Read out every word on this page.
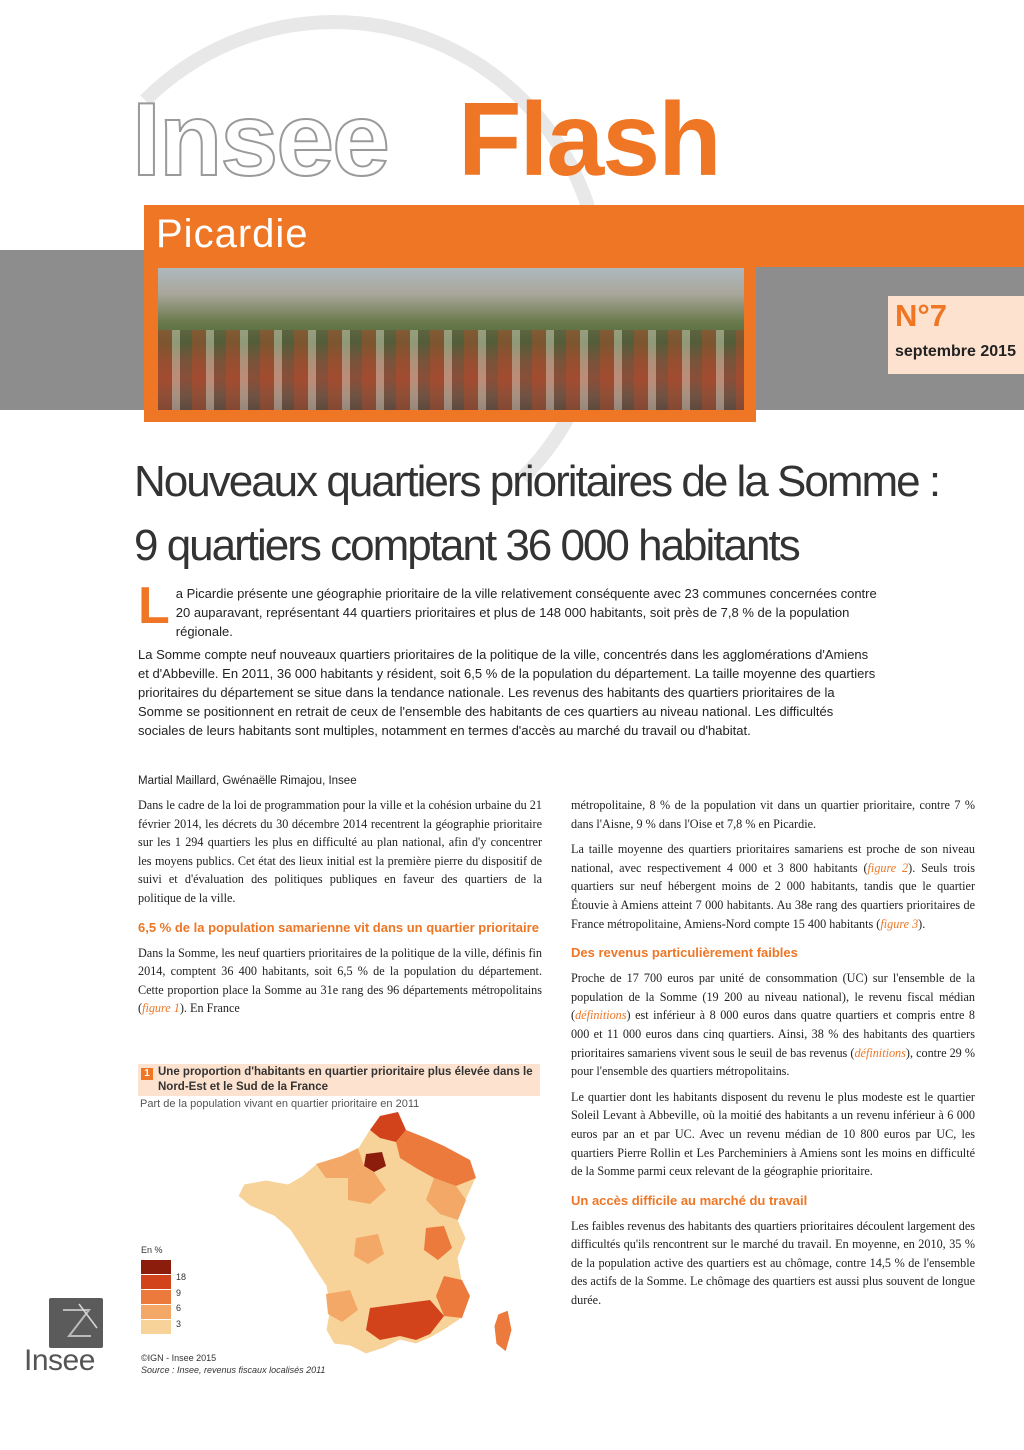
Insee Flash
Picardie
N°7
septembre 2015
Nouveaux quartiers prioritaires de la Somme :
9 quartiers comptant 36 000 habitants

La Picardie présente une géographie prioritaire de la ville relativement conséquente avec 23 communes concernées contre 20 auparavant, représentant 44 quartiers prioritaires et plus de 148 000 habitants, soit près de 7,8 % de la population régionale.

La Somme compte neuf nouveaux quartiers prioritaires de la politique de la ville, concentrés dans les agglomérations d'Amiens et d'Abbeville. En 2011, 36 000 habitants y résident, soit 6,5 % de la population du département. La taille moyenne des quartiers prioritaires du département se situe dans la tendance nationale. Les revenus des habitants des quartiers prioritaires de la Somme se positionnent en retrait de ceux de l'ensemble des habitants de ces quartiers au niveau national. Les difficultés sociales de leurs habitants sont multiples, notamment en termes d'accès au marché du travail ou d'habitat.

Martial Maillard, Gwénaëlle Rimajou, Insee

Dans le cadre de la loi de programmation pour la ville et la cohésion urbaine du 21 février 2014, les décrets du 30 décembre 2014 recentrent la géographie prioritaire sur les 1 294 quartiers les plus en difficulté au plan national, afin d'y concentrer les moyens publics. Cet état des lieux initial est la première pierre du dispositif de suivi et d'évaluation des politiques publiques en faveur des quartiers de la politique de la ville.

6,5 % de la population samarienne vit dans un quartier prioritaire

Dans la Somme, les neuf quartiers prioritaires de la politique de la ville, définis fin 2014, comptent 36 400 habitants, soit 6,5 % de la population du département. Cette proportion place la Somme au 31e rang des 96 départements métropolitains (figure 1). En France

1 Une proportion d'habitants en quartier prioritaire plus élevée dans le Nord-Est et le Sud de la France
Part de la population vivant en quartier prioritaire en 2011
En %
18
9
6
3
©IGN - Insee 2015
Source : Insee, revenus fiscaux localisés 2011

métropolitaine, 8 % de la population vit dans un quartier prioritaire, contre 7 % dans l'Aisne, 9 % dans l'Oise et 7,8 % en Picardie.

La taille moyenne des quartiers prioritaires samariens est proche de son niveau national, avec respectivement 4 000 et 3 800 habitants (figure 2). Seuls trois quartiers sur neuf hébergent moins de 2 000 habitants, tandis que le quartier Étouvie à Amiens atteint 7 000 habitants. Au 38e rang des quartiers prioritaires de France métropolitaine, Amiens-Nord compte 15 400 habitants (figure 3).

Des revenus particulièrement faibles

Proche de 17 700 euros par unité de consommation (UC) sur l'ensemble de la population de la Somme (19 200 au niveau national), le revenu fiscal médian (définitions) est inférieur à 8 000 euros dans quatre quartiers et compris entre 8 000 et 11 000 euros dans cinq quartiers. Ainsi, 38 % des habitants des quartiers prioritaires samariens vivent sous le seuil de bas revenus (définitions), contre 29 % pour l'ensemble des quartiers métropolitains.

Le quartier dont les habitants disposent du revenu le plus modeste est le quartier Soleil Levant à Abbeville, où la moitié des habitants a un revenu inférieur à 6 000 euros par an et par UC. Avec un revenu médian de 10 800 euros par UC, les quartiers Pierre Rollin et Les Parcheminiers à Amiens sont les moins en difficulté de la Somme parmi ceux relevant de la géographie prioritaire.

Un accès difficile au marché du travail

Les faibles revenus des habitants des quartiers prioritaires découlent largement des difficultés qu'ils rencontrent sur le marché du travail. En moyenne, en 2010, 35 % de la population active des quartiers est au chômage, contre 14,5 % de l'ensemble des actifs de la Somme. Le chômage des quartiers est aussi plus souvent de longue durée.

Insee
